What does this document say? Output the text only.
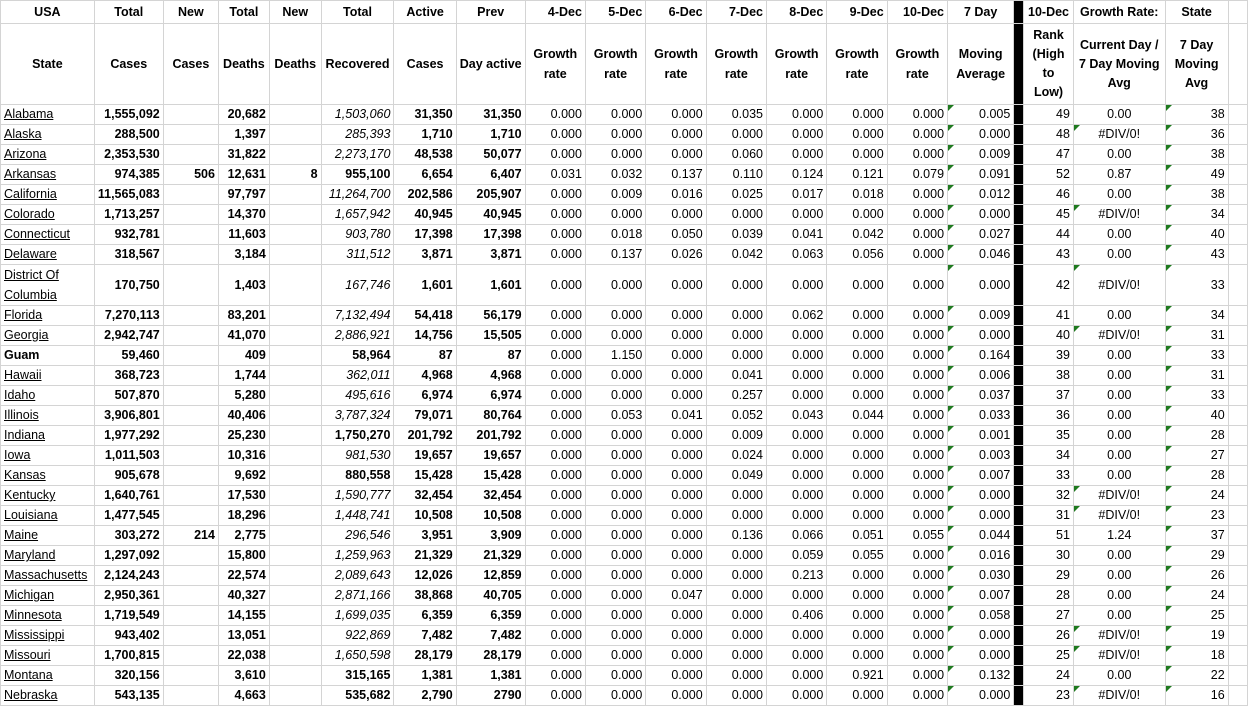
USA	Total	New	Total	New	Total	Active	Prev	4-Dec	5-Dec	6-Dec	7-Dec	8-Dec	9-Dec	10-Dec	7 Day		10-Dec	Growth Rate:	State	
State	Cases	Cases	Deaths	Deaths	Recovered	Cases	Day active	Growth rate	Growth rate	Growth rate	Growth rate	Growth rate	Growth rate	Growth rate	Moving Average		Rank (High to Low)	Current Day / 7 Day Moving Avg	7 Day Moving Avg	
Alabama	1,555,092		20,682		1,503,060	31,350	31,350	0.000	0.000	0.000	0.035	0.000	0.000	0.000	0.005		49	0.00	38	
Alaska	288,500		1,397		285,393	1,710	1,710	0.000	0.000	0.000	0.000	0.000	0.000	0.000	0.000		48	#DIV/0!	36	
Arizona	2,353,530		31,822		2,273,170	48,538	50,077	0.000	0.000	0.000	0.060	0.000	0.000	0.000	0.009		47	0.00	38	
Arkansas	974,385	506	12,631	8	955,100	6,654	6,407	0.031	0.032	0.137	0.110	0.124	0.121	0.079	0.091		52	0.87	49	
California	11,565,083		97,797		11,264,700	202,586	205,907	0.000	0.009	0.016	0.025	0.017	0.018	0.000	0.012		46	0.00	38	
Colorado	1,713,257		14,370		1,657,942	40,945	40,945	0.000	0.000	0.000	0.000	0.000	0.000	0.000	0.000		45	#DIV/0!	34	
Connecticut	932,781		11,603		903,780	17,398	17,398	0.000	0.018	0.050	0.039	0.041	0.042	0.000	0.027		44	0.00	40	
Delaware	318,567		3,184		311,512	3,871	3,871	0.000	0.137	0.026	0.042	0.063	0.056	0.000	0.046		43	0.00	43	
District Of Columbia	170,750		1,403		167,746	1,601	1,601	0.000	0.000	0.000	0.000	0.000	0.000	0.000	0.000		42	#DIV/0!	33	
Florida	7,270,113		83,201		7,132,494	54,418	56,179	0.000	0.000	0.000	0.000	0.062	0.000	0.000	0.009		41	0.00	34	
Georgia	2,942,747		41,070		2,886,921	14,756	15,505	0.000	0.000	0.000	0.000	0.000	0.000	0.000	0.000		40	#DIV/0!	31	
Guam	59,460		409		58,964	87	87	0.000	1.150	0.000	0.000	0.000	0.000	0.000	0.164		39	0.00	33	
Hawaii	368,723		1,744		362,011	4,968	4,968	0.000	0.000	0.000	0.041	0.000	0.000	0.000	0.006		38	0.00	31	
Idaho	507,870		5,280		495,616	6,974	6,974	0.000	0.000	0.000	0.257	0.000	0.000	0.000	0.037		37	0.00	33	
Illinois	3,906,801		40,406		3,787,324	79,071	80,764	0.000	0.053	0.041	0.052	0.043	0.044	0.000	0.033		36	0.00	40	
Indiana	1,977,292		25,230		1,750,270	201,792	201,792	0.000	0.000	0.000	0.009	0.000	0.000	0.000	0.001		35	0.00	28	
Iowa	1,011,503		10,316		981,530	19,657	19,657	0.000	0.000	0.000	0.024	0.000	0.000	0.000	0.003		34	0.00	27	
Kansas	905,678		9,692		880,558	15,428	15,428	0.000	0.000	0.000	0.049	0.000	0.000	0.000	0.007		33	0.00	28	
Kentucky	1,640,761		17,530		1,590,777	32,454	32,454	0.000	0.000	0.000	0.000	0.000	0.000	0.000	0.000		32	#DIV/0!	24	
Louisiana	1,477,545		18,296		1,448,741	10,508	10,508	0.000	0.000	0.000	0.000	0.000	0.000	0.000	0.000		31	#DIV/0!	23	
Maine	303,272	214	2,775		296,546	3,951	3,909	0.000	0.000	0.000	0.136	0.066	0.051	0.055	0.044		51	1.24	37	
Maryland	1,297,092		15,800		1,259,963	21,329	21,329	0.000	0.000	0.000	0.000	0.059	0.055	0.000	0.016		30	0.00	29	
Massachusetts	2,124,243		22,574		2,089,643	12,026	12,859	0.000	0.000	0.000	0.000	0.213	0.000	0.000	0.030		29	0.00	26	
Michigan	2,950,361		40,327		2,871,166	38,868	40,705	0.000	0.000	0.047	0.000	0.000	0.000	0.000	0.007		28	0.00	24	
Minnesota	1,719,549		14,155		1,699,035	6,359	6,359	0.000	0.000	0.000	0.000	0.406	0.000	0.000	0.058		27	0.00	25	
Mississippi	943,402		13,051		922,869	7,482	7,482	0.000	0.000	0.000	0.000	0.000	0.000	0.000	0.000		26	#DIV/0!	19	
Missouri	1,700,815		22,038		1,650,598	28,179	28,179	0.000	0.000	0.000	0.000	0.000	0.000	0.000	0.000		25	#DIV/0!	18	
Montana	320,156		3,610		315,165	1,381	1,381	0.000	0.000	0.000	0.000	0.000	0.921	0.000	0.132		24	0.00	22	
Nebraska	543,135		4,663		535,682	2,790	2790	0.000	0.000	0.000	0.000	0.000	0.000	0.000	0.000		23	#DIV/0!	16	
